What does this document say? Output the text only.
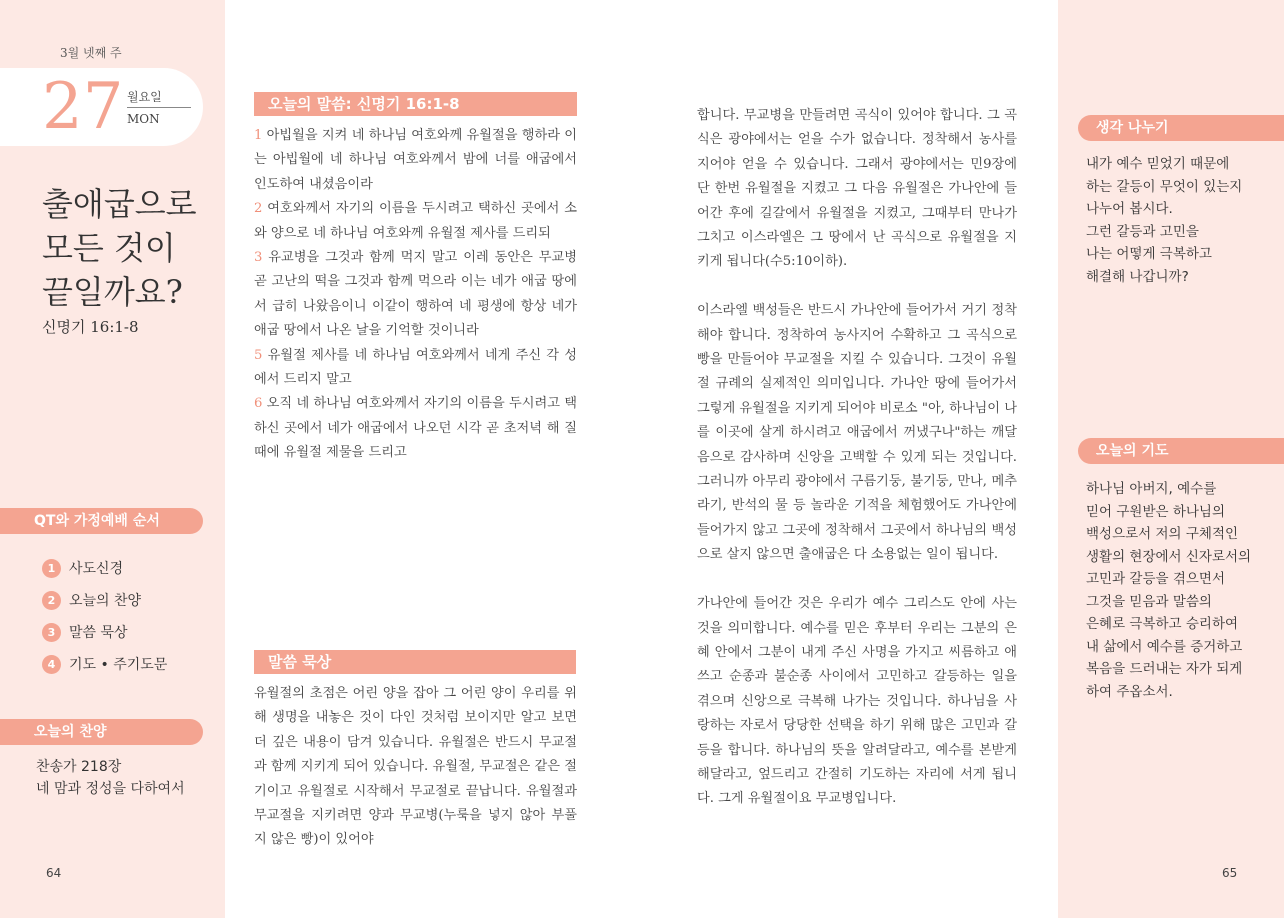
3월 넷째 주
27 월요일
MON
출애굽으로
모든 것이
끝일까요?
신명기 16:1-8
QT와 가정예배 순서
1 사도신경
2 오늘의 찬양
3 말씀 묵상
4 기도 • 주기도문
오늘의 찬양
찬송가 218장
네 맘과 정성을 다하여서
오늘의 말씀: 신명기 16:1-8

1 아빕월을 지켜 네 하나님 여호와께 유월절을 행하라 이는 아빕월에 네 하나님 여호와께서 밤에 너를 애굽에서 인도하여 내셨음이라

2 여호와께서 자기의 이름을 두시려고 택하신 곳에서 소와 양으로 네 하나님 여호와께 유월절 제사를 드리되

3 유교병을 그것과 함께 먹지 말고 이레 동안은 무교병 곧 고난의 떡을 그것과 함께 먹으라 이는 네가 애굽 땅에서 급히 나왔음이니 이같이 행하여 네 평생에 항상 네가 애굽 땅에서 나온 날을 기억할 것이니라

5 유월절 제사를 네 하나님 여호와께서 네게 주신 각 성에서 드리지 말고

6 오직 네 하나님 여호와께서 자기의 이름을 두시려고 택하신 곳에서 네가 애굽에서 나오던 시각 곧 초저녁 해 질 때에 유월절 제물을 드리고

말씀 묵상

유월절의 초점은 어린 양을 잡아 그 어린 양이 우리를 위해 생명을 내놓은 것이 다인 것처럼 보이지만 알고 보면 더 깊은 내용이 담겨 있습니다. 유월절은 반드시 무교절과 함께 지키게 되어 있습니다. 유월절, 무교절은 같은 절기이고 유월절로 시작해서 무교절로 끝납니다. 유월절과 무교절을 지키려면 양과 무교병(누룩을 넣지 않아 부풀지 않은 빵)이 있어야

합니다. 무교병을 만들려면 곡식이 있어야 합니다. 그 곡식은 광야에서는 얻을 수가 없습니다. 정착해서 농사를 지어야 얻을 수 있습니다. 그래서 광야에서는 민9장에 단 한번 유월절을 지켰고 그 다음 유월절은 가나안에 들어간 후에 길갈에서 유월절을 지켰고, 그때부터 만나가 그치고 이스라엘은 그 땅에서 난 곡식으로 유월절을 지키게 됩니다(수5:10이하).

이스라엘 백성들은 반드시 가나안에 들어가서 거기 정착해야 합니다. 정착하여 농사지어 수확하고 그 곡식으로 빵을 만들어야 무교절을 지킬 수 있습니다. 그것이 유월절 규례의 실제적인 의미입니다. 가나안 땅에 들어가서 그렇게 유월절을 지키게 되어야 비로소 "아, 하나님이 나를 이곳에 살게 하시려고 애굽에서 꺼냈구나"하는 깨달음으로 감사하며 신앙을 고백할 수 있게 되는 것입니다. 그러니까 아무리 광야에서 구름기둥, 불기둥, 만나, 메추라기, 반석의 물 등 놀라운 기적을 체험했어도 가나안에 들어가지 않고 그곳에 정착해서 그곳에서 하나님의 백성으로 살지 않으면 출애굽은 다 소용없는 일이 됩니다.

가나안에 들어간 것은 우리가 예수 그리스도 안에 사는 것을 의미합니다. 예수를 믿은 후부터 우리는 그분의 은혜 안에서 그분이 내게 주신 사명을 가지고 씨름하고 애쓰고 순종과 불순종 사이에서 고민하고 갈등하는 일을 겪으며 신앙으로 극복해 나가는 것입니다. 하나님을 사랑하는 자로서 당당한 선택을 하기 위해 많은 고민과 갈등을 합니다. 하나님의 뜻을 알려달라고, 예수를 본받게 해달라고, 엎드리고 간절히 기도하는 자리에 서게 됩니다. 그게 유월절이요 무교병입니다.

생각 나누기
내가 예수 믿었기 때문에
하는 갈등이 무엇이 있는지
나누어 봅시다.
그런 갈등과 고민을
나는 어떻게 극복하고
해결해 나갑니까?
오늘의 기도
하나님 아버지, 예수를
믿어 구원받은 하나님의
백성으로서 저의 구체적인
생활의 현장에서 신자로서의
고민과 갈등을 겪으면서
그것을 믿음과 말씀의
은혜로 극복하고 승리하여
내 삶에서 예수를 증거하고
복음을 드러내는 자가 되게
하여 주옵소서.
64	65
